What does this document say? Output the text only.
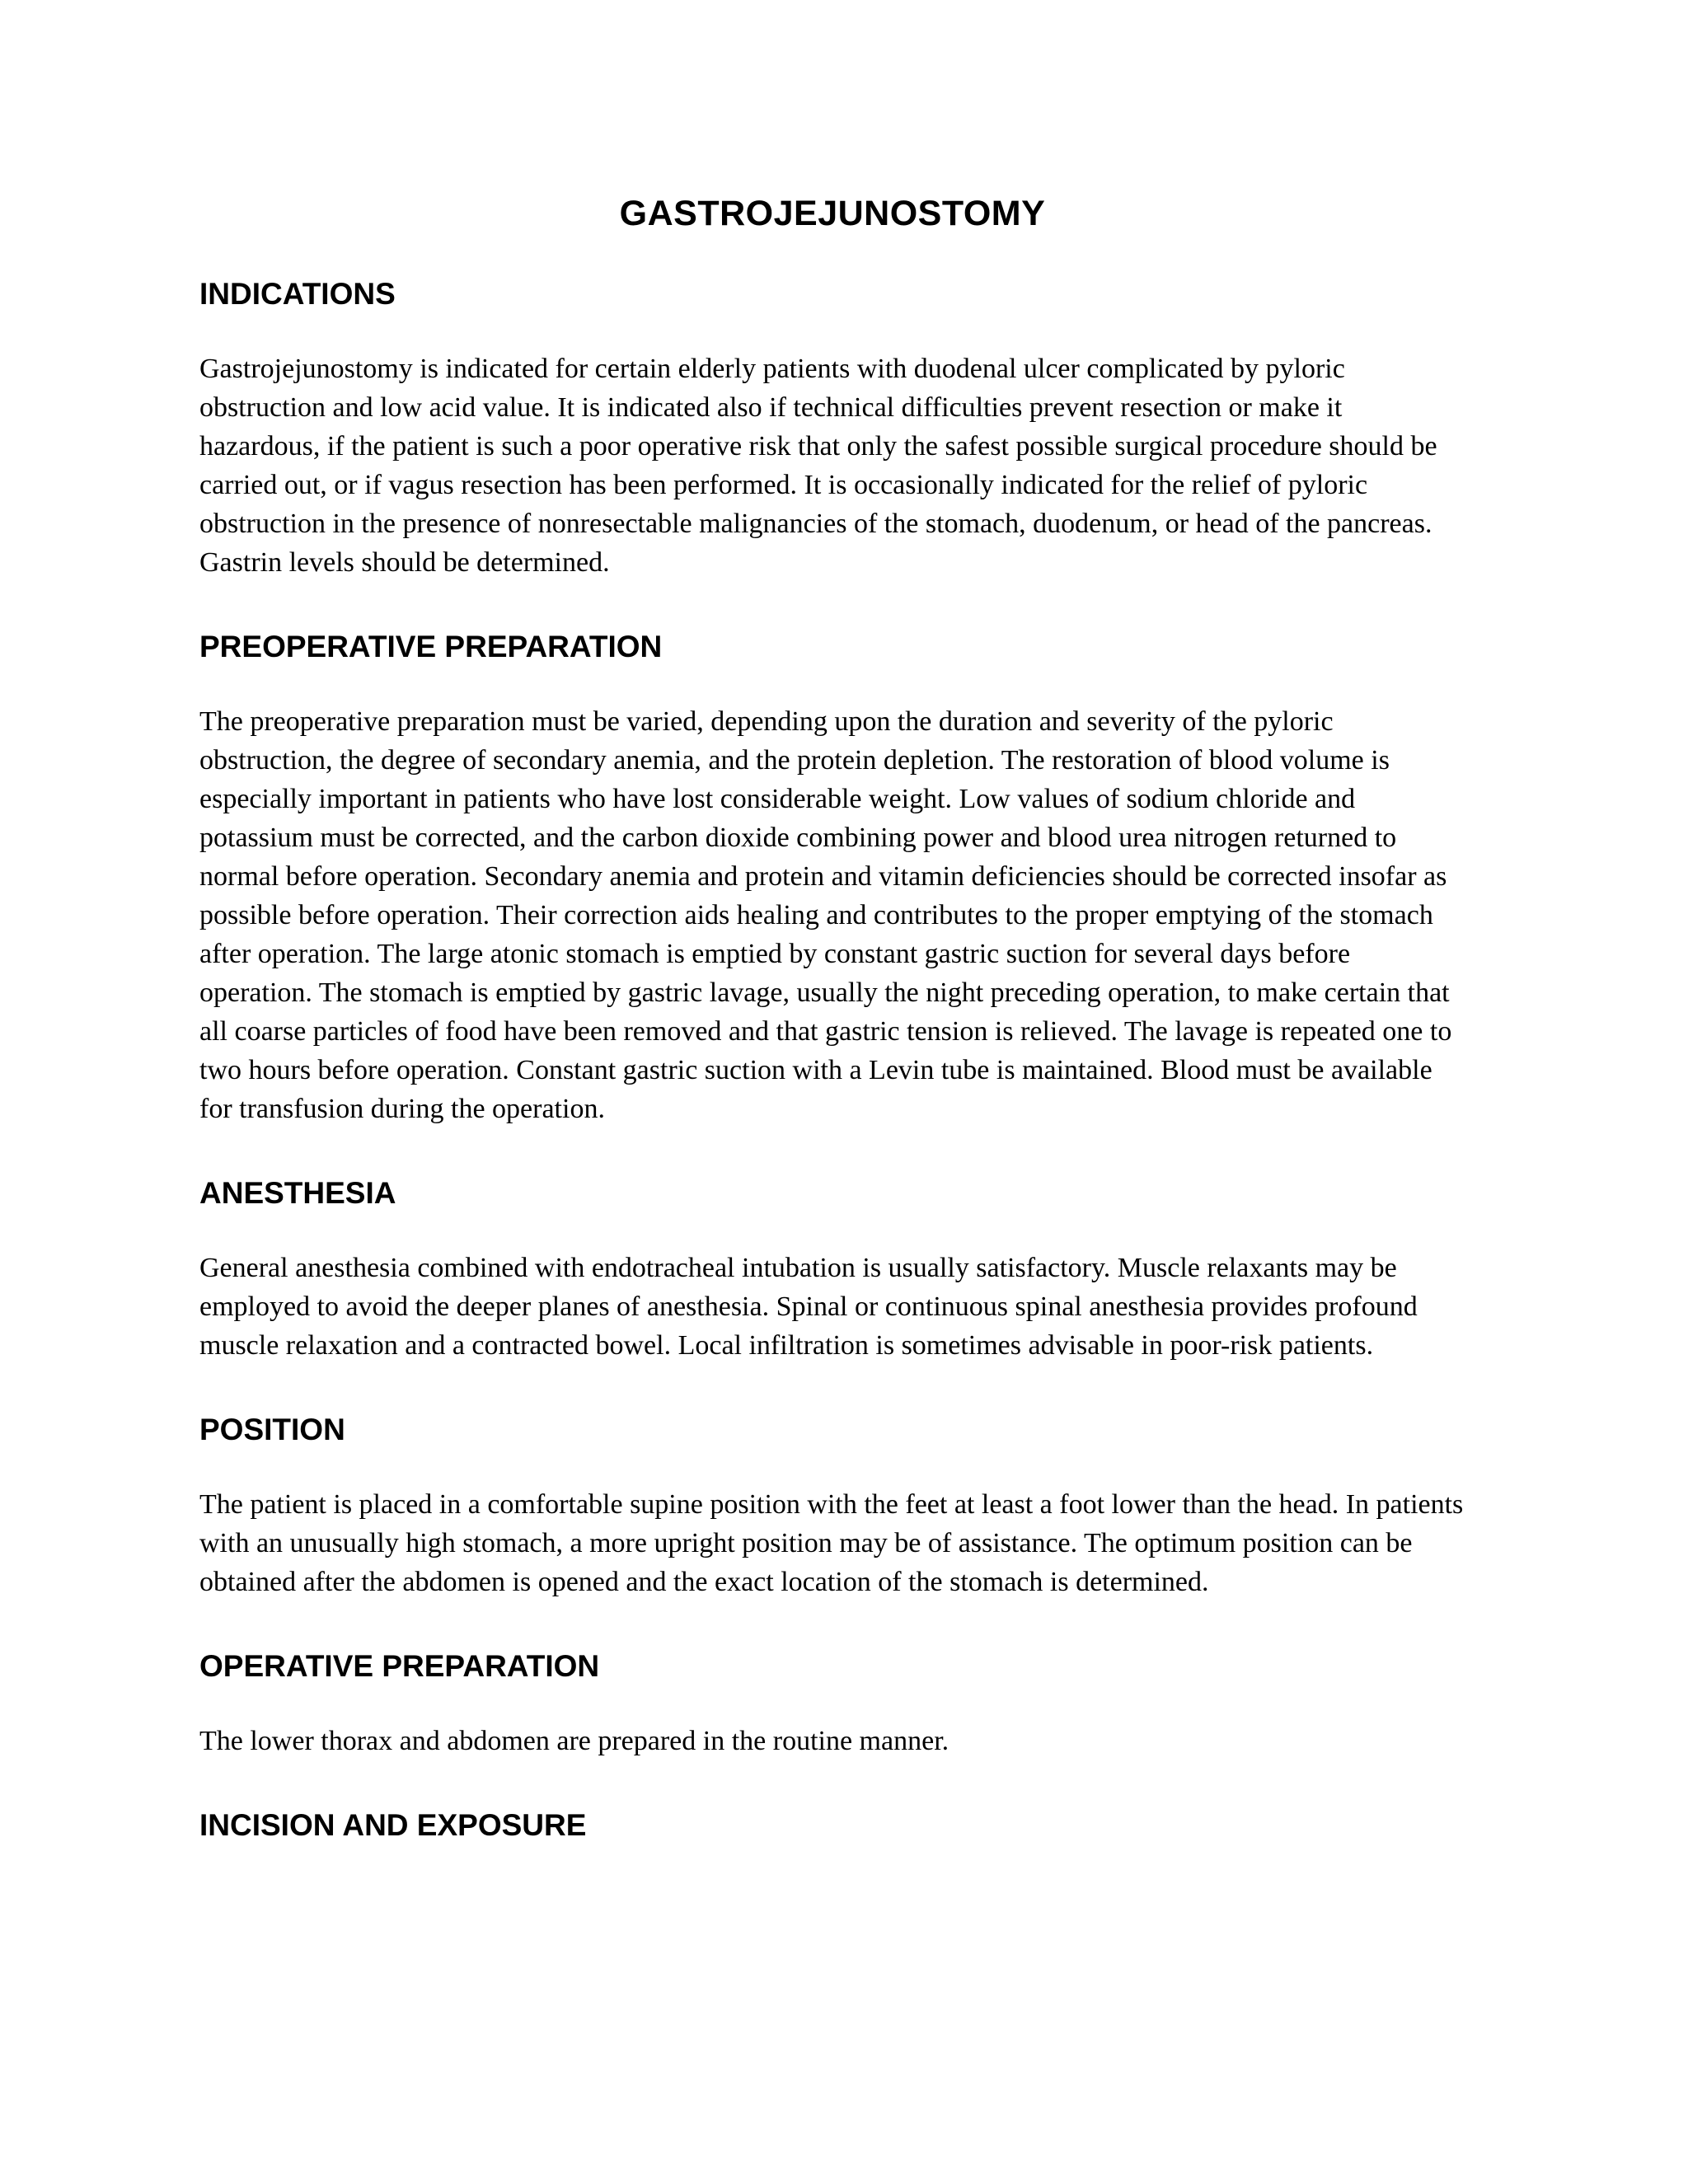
GASTROJEJUNOSTOMY
INDICATIONS

Gastrojejunostomy is indicated for certain elderly patients with duodenal ulcer complicated by pyloric obstruction and low acid value. It is indicated also if technical difficulties prevent resection or make it hazardous, if the patient is such a poor operative risk that only the safest possible surgical procedure should be carried out, or if vagus resection has been performed. It is occasionally indicated for the relief of pyloric obstruction in the presence of nonresectable malignancies of the stomach, duodenum, or head of the pancreas. Gastrin levels should be determined.

PREOPERATIVE PREPARATION

The preoperative preparation must be varied, depending upon the duration and severity of the pyloric obstruction, the degree of secondary anemia, and the protein depletion. The restoration of blood volume is especially important in patients who have lost considerable weight. Low values of sodium chloride and potassium must be corrected, and the carbon dioxide combining power and blood urea nitrogen returned to normal before operation. Secondary anemia and protein and vitamin deficiencies should be corrected insofar as possible before operation. Their correction aids healing and contributes to the proper emptying of the stomach after operation. The large atonic stomach is emptied by constant gastric suction for several days before operation. The stomach is emptied by gastric lavage, usually the night preceding operation, to make certain that all coarse particles of food have been removed and that gastric tension is relieved. The lavage is repeated one to two hours before operation. Constant gastric suction with a Levin tube is maintained. Blood must be available for transfusion during the operation.

ANESTHESIA

General anesthesia combined with endotracheal intubation is usually satisfactory. Muscle relaxants may be employed to avoid the deeper planes of anesthesia. Spinal or continuous spinal anesthesia provides profound muscle relaxation and a contracted bowel. Local infiltration is sometimes advisable in poor-risk patients.

POSITION

The patient is placed in a comfortable supine position with the feet at least a foot lower than the head. In patients with an unusually high stomach, a more upright position may be of assistance. The optimum position can be obtained after the abdomen is opened and the exact location of the stomach is determined.

OPERATIVE PREPARATION

The lower thorax and abdomen are prepared in the routine manner.

INCISION AND EXPOSURE
